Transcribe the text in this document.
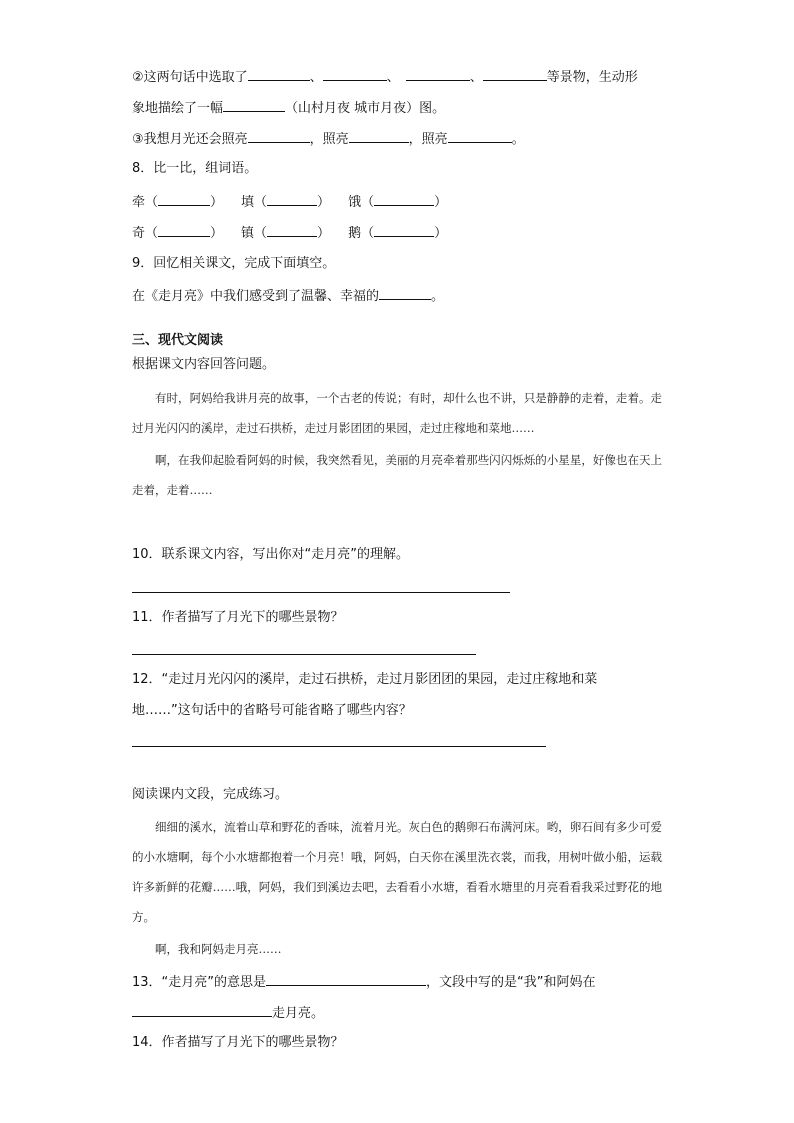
②这两句话中选取了	、	、	、	等景物，生动形
象地描绘了一幅	（山村月夜 城市月夜）图。
③我想月光还会照亮	，照亮	，照亮	。
8．比一比，组词语。
牵（	） 填（	） 饿（	）
奇（	） 镇（	） 鹅（	）
9．回忆相关课文，完成下面填空。
在《走月亮》中我们感受到了温馨、幸福的	。
三、现代文阅读
根据课文内容回答问题。

有时，阿妈给我讲月亮的故事，一个古老的传说；有时，却什么也不讲，只是静静的走着，走着。走过月光闪闪的溪岸，走过石拱桥，走过月影团团的果园，走过庄稼地和菜地……

啊，在我仰起脸看阿妈的时候，我突然看见，美丽的月亮牵着那些闪闪烁烁的小星星，好像也在天上走着，走着……

10．联系课文内容，写出你对“走月亮”的理解。
11．作者描写了月光下的哪些景物？
12．“走过月光闪闪的溪岸，走过石拱桥，走过月影团团的果园，走过庄稼地和菜
地……”这句话中的省略号可能省略了哪些内容？
阅读课内文段，完成练习。

细细的溪水，流着山草和野花的香味，流着月光。灰白色的鹅卵石布满河床。哟，卵石间有多少可爱的小水塘啊，每个小水塘都抱着一个月亮！哦，阿妈，白天你在溪里洗衣裳，而我，用树叶做小船，运载许多新鲜的花瓣……哦，阿妈，我们到溪边去吧，去看看小水塘，看看水塘里的月亮看看我采过野花的地方。

啊，我和阿妈走月亮……

13．“走月亮”的意思是	，文段中写的是“我”和阿妈在
走月亮。
14．作者描写了月光下的哪些景物？
